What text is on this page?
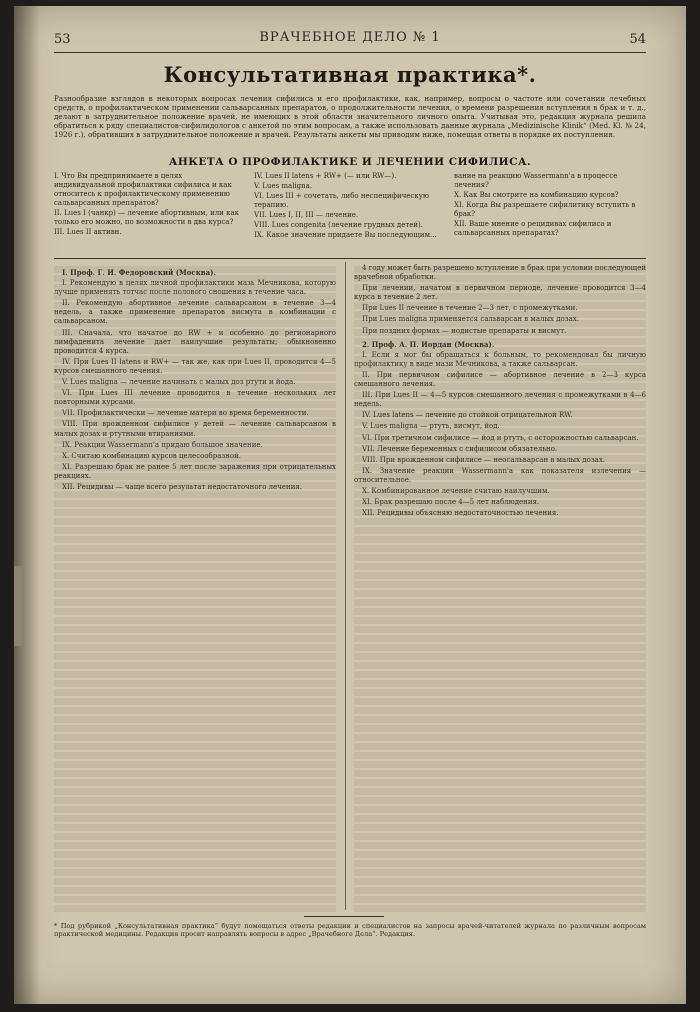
53	ВРАЧЕБНОЕ ДЕЛО № 1	54
Консультативная практика*.
Разнообразие взглядов в некоторых вопросах лечения сифилиса и его профилактики, как, например, вопросы о частоте или сочетании лечебных средств, о профилактическом применении сальварсанных препаратов, о продолжительности лечения, о времени разрешения вступления в брак и т. д., делают в затруднительное положение врачей, не имеющих в этой области значительного личного опыта. Учитывая это, редакция журнала решила обратиться к ряду специалистов-сифилидологов с анкетой по этим вопросам, а также использовать данные журнала „Medizinische Klinik“ (Med. Kl. № 24, 1926 г.), обративших в затруднительное положение и врачей. Результаты анкеты мы приводим ниже, помещая ответы в порядке их поступления.
АНКЕТА О ПРОФИЛАКТИКЕ И ЛЕЧЕНИИ СИФИЛИСА.
I. Что Вы предпринимаете в целях индивидуальной профилактики сифилиса и как относитесь к профилактическому применению сальварсанных препаратов?
II. Lues I (чанкр) — лечение абортивным, или как только его можно, по возможности в два курса?
III. Lues II активн.
IV. Lues II latens + RW+ (— или RW—).
V. Lues maligna.
VI. Lues III + сочетать, либо неспецифическую терапию.
VII. Lues I, II, III — лечение.
VIII. Lues congenita (лечение грудных детей).
IX. Какое значение придаете Вы последующим...
вание на реакцию Wassermann'а в процессе лечения?
X. Как Вы смотрите на комбинацию курсов?
XI. Когда Вы разрешаете сифилитику вступить в брак?
XII. Ваше мнение о рецидивах сифилиса и сальварсанных препаратах?
I. Проф. Г. И. Федоровский (Москва).

I. Рекомендую в целях личной профилактики мазь Мечникова, которую лучше применять тотчас после полового сношения в течение часа.

II. Рекомендую абортивное лечение сальварсаном в течение 3—4 недель, а также применение препаратов висмута в комбинации с сальварсаном.

III. Сначала, что начатое до RW + и особенно до регионарного лимфаденита лечение дает наилучшие результаты; обыкновенно проводится 4 курса.

IV. При Lues II latens и RW+ — так же, как при Lues II, проводится 4—5 курсов смешанного лечения.

V. Lues maligna — лечение начинать с малых доз ртути и йода.

VI. При Lues III лечение проводится в течение нескольких лет повторными курсами.

VII. Профилактически — лечение матери во время беременности.

VIII. При врожденном сифилисе у детей — лечение сальварсаном в малых дозах и ртутными втираниями.

IX. Реакции Wassermann'а придаю большое значение.

X. Считаю комбинацию курсов целесообразной.

XI. Разрешаю брак не ранее 5 лет после заражения при отрицательных реакциях.

XII. Рецидивы — чаще всего результат недостаточного лечения.

4 году может быть разрешено вступление в брак при условии последующей врачебной обработки.

При лечении, начатом в первичном периоде, лечение проводится 3—4 курса в течение 2 лет.

При Lues II лечение в течение 2—3 лет, с промежутками.

При Lues maligna применяется сальварсан в малых дозах.

При поздних формах — иодистые препараты и висмут.

2. Проф. А. П. Иордан (Москва).

I. Если я мог бы обращаться к больным, то рекомендовал бы личную профилактику в виде мази Мечникова, а также сальварсан.

II. При первичном сифилисе — абортивное лечение в 2—3 курса смешанного лечения.

III. При Lues II — 4—5 курсов смешанного лечения с промежутками в 4—6 недель.

IV. Lues latens — лечение до стойкой отрицательной RW.

V. Lues maligna — ртуть, висмут, йод.

VI. При третичном сифилисе — йод и ртуть, с осторожностью сальварсан.

VII. Лечение беременных с сифилисом обязательно.

VIII. При врожденном сифилисе — неосальварсан в малых дозах.

IX. Значение реакции Wassermann'а как показателя излечения — относительное.

X. Комбинированное лечение считаю наилучшим.

XI. Брак разрешаю после 4—5 лет наблюдения.

XII. Рецидивы объясняю недостаточностью лечения.

* Под рубрикой „Консультативная практика“ будут помещаться ответы редакции и специалистов на запросы врачей-читателей журнала по различным вопросам практической медицины. Редакция просит направлять вопросы в адрес „Врачебного Дела“. Редакция.
